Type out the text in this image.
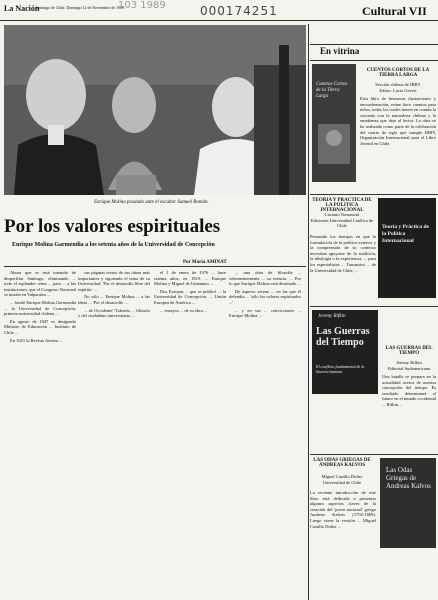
La Nación
Santiago de Chile, Domingo 12 de Noviembre de 1989
103 1989	000174251	Cultural VII
Enrique Molina posando ante el escultor Samuel Román.
Por los valores espirituales
Enrique Molina Garmendia a los setenta años de la Universidad de Concepción
Por María AMINAT

Ahora que se está tratando de desperfilar Santiago, eliminando ... todo el esplendor reina ... para ... a las instituciones, que el Congreso Nacional se instala en Valparaíso ...

... fundó Enrique Molina Garmendia ... la Universidad de Concepción, primera universidad chilena ...

En agosto de 1947 es designado Ministro de Educación ... Instituto de Chile ...

En 1921 la Revista Atenea ...

sus páginas textos de sus obras más importantes y siguiendo el tema de su Universidad: 'Por el desarrollo libre del espíritu' ...

No sólo ... Enrique Molina ... a las ideas ... 'Por el desarrollo ...

... de Occidente' 'Tránsito ... filósofo y del ciudadano universitario ...

el 1 de enero de 1976 ... hace setenta años, en 1919. ... Enrique Molina y Miguel de Unamuno ...

Dos Europas ... que se publicó ... la Universidad de Concepción, ... Unión Europea de América ...

... ensayos ... de su obra ...

... una obra de filosofía ... vehementemente ... su esencia. ... Por lo que Enrique Molina está destinado ...

De aspecto sereno ... en las que él defendía ... 'sólo los valores espirituales ...'

... y en sus ... convicciones ... Enrique Molina ...

En vitrina
Cuentos Cortos de la Tierra Larga
CUENTOS CORTOS DE LA TIERRA LARGA
Sección chilena de IBBY
Editor: Lucia Gevert
Esta libro de hermosas ilustraciones y encuadernación, reúne doce cuentos para niños, todos los cuales tienen en común la cercanía con la naturaleza chilena y la enseñanza que deja al lector. La obra se ha realizado como parte de la celebración del cuarto de siglo que cumple IBBY, Organización Internacional para el Libro Juvenil en Chile.
TEORIA Y PRACTICA DE LA POLITICA INTERNACIONAL
Luciano Tomassini
Ediciones Universidad Católica de Chile
Pensando los tiempos en que la formulación de la política exterior y la comprensión de su contexto necesitan apoyarse de la tradición, la ideología o la experiencia, ... para los especialistas ... Tomassini ... de la Universidad de Chile, ...
Teoría y Práctica de la Política Internacional
Jeremy Rifkin
Las Guerras del Tiempo
El conflicto fundamental de la historia humana
LAS GUERRAS DEL TIEMPO
Jeremy Rifkin
Editorial Sudamericana
Una batalla se prepara en la actualidad acerca de nuestra concepción del tiempo. Es resultado determinará el futuro en el mundo occidental ... Rifkin ...
LAS ODAS GRIEGAS DE ANDREAS KALVOS
Miguel Castillo Didier
Universidad de Chile
La reciente introducción de este libro está dedicada a presentar algunos aspectos claves de la creación del 'poeta nacional' griego Andreas Kalvos (1792-1869). Luego viene la versión ... Miguel Castillo Didier ...
Las Odas Griegas de Andreas Kalvos
